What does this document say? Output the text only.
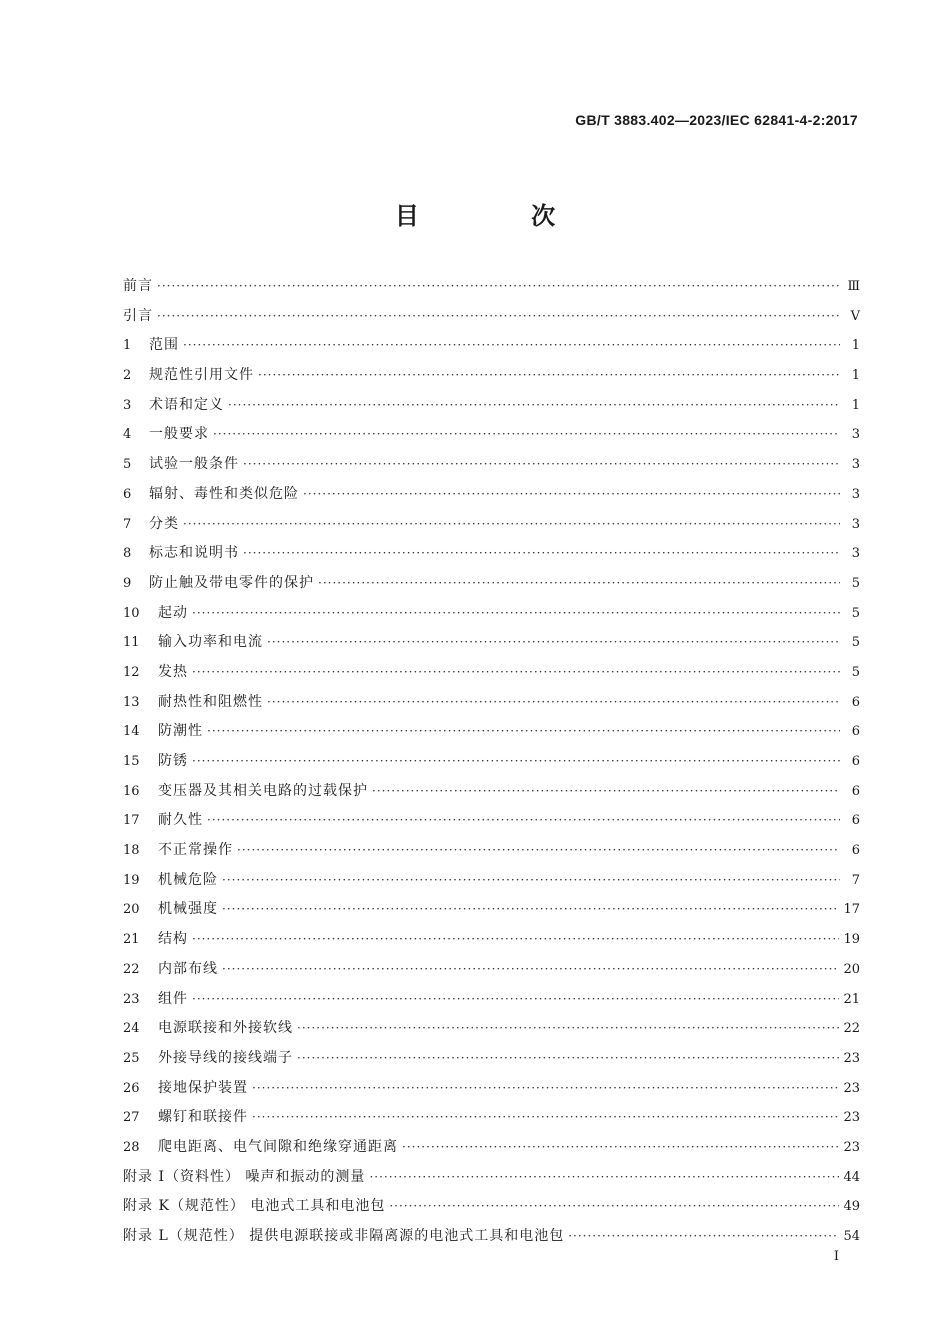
GB/T 3883.402—2023/IEC 62841-4-2:2017
目 次
前言 ·····	Ⅲ
引言 ·····	Ⅴ
1	范围 ·····	1
2	规范性引用文件 ·····	1
3	术语和定义 ·····	1
4	一般要求 ·····	3
5	试验一般条件 ·····	3
6	辐射、毒性和类似危险 ·····	3
7	分类 ·····	3
8	标志和说明书 ·····	3
9	防止触及带电零件的保护 ·····	5
10	起动 ·····	5
11	输入功率和电流 ·····	5
12	发热 ·····	5
13	耐热性和阻燃性 ·····	6
14	防潮性 ·····	6
15	防锈 ·····	6
16	变压器及其相关电路的过载保护 ·····	6
17	耐久性 ·····	6
18	不正常操作 ·····	6
19	机械危险 ·····	7
20	机械强度 ·····	17
21	结构 ·····	19
22	内部布线 ·····	20
23	组件 ·····	21
24	电源联接和外接软线 ·····	22
25	外接导线的接线端子 ·····	23
26	接地保护装置 ·····	23
27	螺钉和联接件 ·····	23
28	爬电距离、电气间隙和绝缘穿通距离 ·····	23
附录 I（资料性） 噪声和振动的测量 ·····	44
附录 K（规范性） 电池式工具和电池包 ·····	49
附录 L（规范性） 提供电源联接或非隔离源的电池式工具和电池包 ·····	54
I
